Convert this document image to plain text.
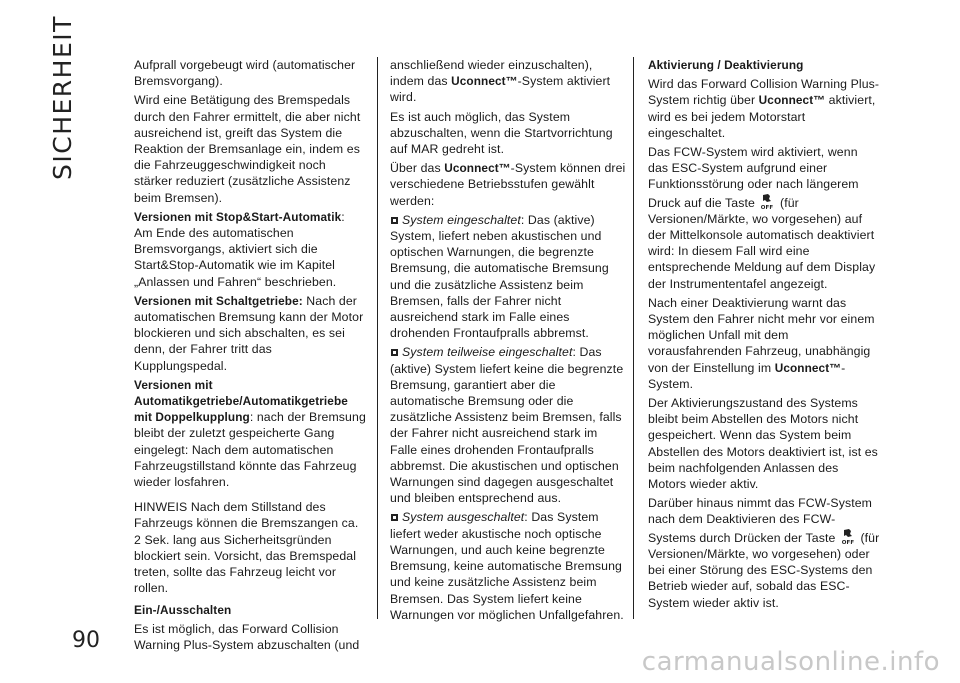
SICHERHEIT
90

Aufprall vorgebeugt wird (automatischer Bremsvorgang).

Wird eine Betätigung des Bremspedals durch den Fahrer ermittelt, die aber nicht ausreichend ist, greift das System die Reaktion der Bremsanlage ein, indem es die Fahrzeuggeschwindigkeit noch stärker reduziert (zusätzliche Assistenz beim Bremsen).

Versionen mit Stop&Start-Automatik: Am Ende des automatischen Bremsvorgangs, aktiviert sich die Start&Stop-Automatik wie im Kapitel „Anlassen und Fahren“ beschrieben.

Versionen mit Schaltgetriebe: Nach der automatischen Bremsung kann der Motor blockieren und sich abschalten, es sei denn, der Fahrer tritt das Kupplungspedal.

Versionen mit Automatikgetriebe/Automatikgetriebe mit Doppelkupplung: nach der Bremsung bleibt der zuletzt gespeicherte Gang eingelegt: Nach dem automatischen Fahrzeugstillstand könnte das Fahrzeug wieder losfahren.

HINWEIS Nach dem Stillstand des Fahrzeugs können die Bremszangen ca. 2 Sek. lang aus Sicherheitsgründen blockiert sein. Vorsicht, das Bremspedal treten, sollte das Fahrzeug leicht vor rollen.

Ein-/Ausschalten

Es ist möglich, das Forward Collision Warning Plus-System abzuschalten (und

anschließend wieder einzuschalten), indem das Uconnect™-System aktiviert wird.

Es ist auch möglich, das System abzuschalten, wenn die Startvorrichtung auf MAR gedreht ist.

Über das Uconnect™-System können drei verschiedene Betriebsstufen gewählt werden:

System eingeschaltet: Das (aktive) System, liefert neben akustischen und optischen Warnungen, die begrenzte Bremsung, die automatische Bremsung und die zusätzliche Assistenz beim Bremsen, falls der Fahrer nicht ausreichend stark im Falle eines drohenden Frontaufpralls abbremst.

System teilweise eingeschaltet: Das (aktive) System liefert keine die begrenzte Bremsung, garantiert aber die automatische Bremsung oder die zusätzliche Assistenz beim Bremsen, falls der Fahrer nicht ausreichend stark im Falle eines drohenden Frontaufpralls abbremst. Die akustischen und optischen Warnungen sind dagegen ausgeschaltet und bleiben entsprechend aus.

System ausgeschaltet: Das System liefert weder akustische noch optische Warnungen, und auch keine begrenzte Bremsung, keine automatische Bremsung und keine zusätzliche Assistenz beim Bremsen. Das System liefert keine Warnungen vor möglichen Unfallgefahren.

Aktivierung / Deaktivierung

Wird das Forward Collision Warning Plus-System richtig über Uconnect™ aktiviert, wird es bei jedem Motorstart eingeschaltet.

Das FCW-System wird aktiviert, wenn das ESC-System aufgrund einer Funktionsstörung oder nach längerem Druck auf die Taste OFF (für Versionen/Märkte, wo vorgesehen) auf der Mittelkonsole automatisch deaktiviert wird: In diesem Fall wird eine entsprechende Meldung auf dem Display der Instrumententafel angezeigt.

Nach einer Deaktivierung warnt das System den Fahrer nicht mehr vor einem möglichen Unfall mit dem vorausfahrenden Fahrzeug, unabhängig von der Einstellung im Uconnect™-System.

Der Aktivierungszustand des Systems bleibt beim Abstellen des Motors nicht gespeichert. Wenn das System beim Abstellen des Motors deaktiviert ist, ist es beim nachfolgenden Anlassen des Motors wieder aktiv.

Darüber hinaus nimmt das FCW-System nach dem Deaktivieren des FCW-Systems durch Drücken der Taste OFF (für Versionen/Märkte, wo vorgesehen) oder bei einer Störung des ESC-Systems den Betrieb wieder auf, sobald das ESC-System wieder aktiv ist.

carmanualsonline.info
